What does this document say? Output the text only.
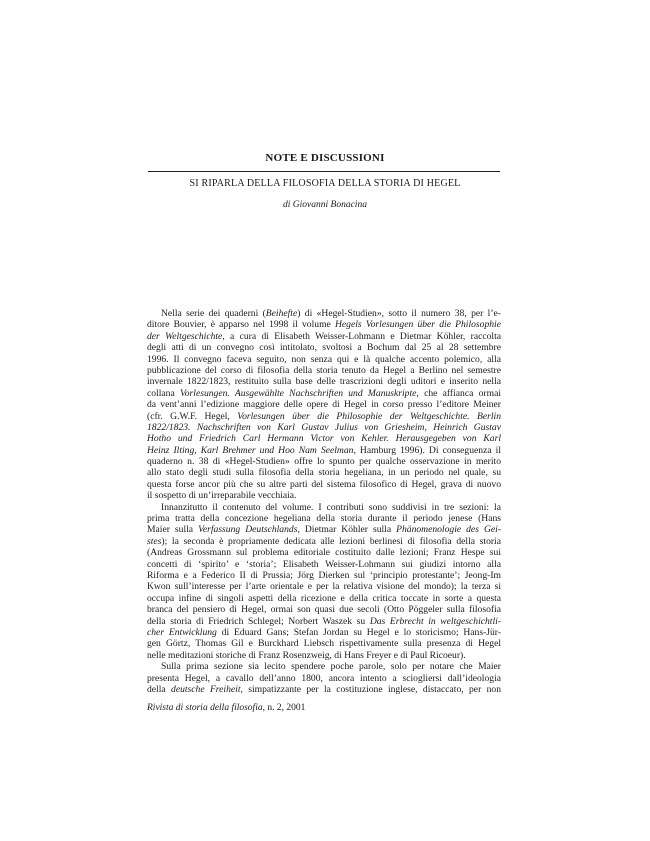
NOTE E DISCUSSIONI
SI RIPARLA DELLA FILOSOFIA DELLA STORIA DI HEGEL
di Giovanni Bonacina
Nella serie dei quaderni (Beihefte) di «Hegel-Studien», sotto il numero 38, per l’e-
ditore Bouvier, è apparso nel 1998 il volume Hegels Vorlesungen über die Philosophie
der Weltgeschichte, a cura di Elisabeth Weisser-Lohmann e Dietmar Köhler, raccolta
degli atti di un convegno così intitolato, svoltosi a Bochum dal 25 al 28 settembre
1996. Il convegno faceva seguito, non senza qui e là qualche accento polemico, alla
pubblicazione del corso di filosofia della storia tenuto da Hegel a Berlino nel semestre
invernale 1822/1823, restituito sulla base delle trascrizioni degli uditori e inserito nella
collana Vorlesungen. Ausgewählte Nachschriften und Manuskripte, che affianca ormai
da vent’anni l’edizione maggiore delle opere di Hegel in corso presso l’editore Meiner
(cfr. G.W.F. Hegel, Vorlesungen über die Philosophie der Weltgeschichte. Berlin
1822/1823. Nachschriften von Karl Gustav Julius von Griesheim, Heinrich Gustav
Hotho und Friedrich Carl Hermann Victor von Kehler. Herausgegeben von Karl
Heinz Ilting, Karl Brehmer und Hoo Nam Seelman, Hamburg 1996). Di conseguenza il
quaderno n. 38 di «Hegel-Studien» offre lo spunto per qualche osservazione in merito
allo stato degli studi sulla filosofia della storia hegeliana, in un periodo nel quale, su
questa forse ancor più che su altre parti del sistema filosofico di Hegel, grava di nuovo
il sospetto di un’irreparabile vecchiaia.
Innanzitutto il contenuto del volume. I contributi sono suddivisi in tre sezioni: la
prima tratta della concezione hegeliana della storia durante il periodo jenese (Hans
Maier sulla Verfassung Deutschlands, Dietmar Köhler sulla Phänomenologie des Gei-
stes); la seconda è propriamente dedicata alle lezioni berlinesi di filosofia della storia
(Andreas Grossmann sul problema editoriale costituito dalle lezioni; Franz Hespe sui
concetti di ‘spirito’ e ‘storia’; Elisabeth Weisser-Lohmann sui giudizi intorno alla
Riforma e a Federico II di Prussia; Jörg Dierken sul ‘principio protestante’; Jeong-Im
Kwon sull’interesse per l’arte orientale e per la relativa visione del mondo); la terza si
occupa infine di singoli aspetti della ricezione e della critica toccate in sorte a questa
branca del pensiero di Hegel, ormai son quasi due secoli (Otto Pöggeler sulla filosofia
della storia di Friedrich Schlegel; Norbert Waszek su Das Erbrecht in weltgeschichtli-
cher Entwicklung di Eduard Gans; Stefan Jordan su Hegel e lo storicismo; Hans-Jür-
gen Görtz, Thomas Gil e Burckhard Liebsch rispettivamente sulla presenza di Hegel
nelle meditazioni storiche di Franz Rosenzweig, di Hans Freyer e di Paul Ricoeur).
Sulla prima sezione sia lecito spendere poche parole, solo per notare che Maier
presenta Hegel, a cavallo dell’anno 1800, ancora intento a sciogliersi dall’ideologia
della deutsche Freiheit, simpatizzante per la costituzione inglese, distaccato, per non
Rivista di storia della filosofia, n. 2, 2001
